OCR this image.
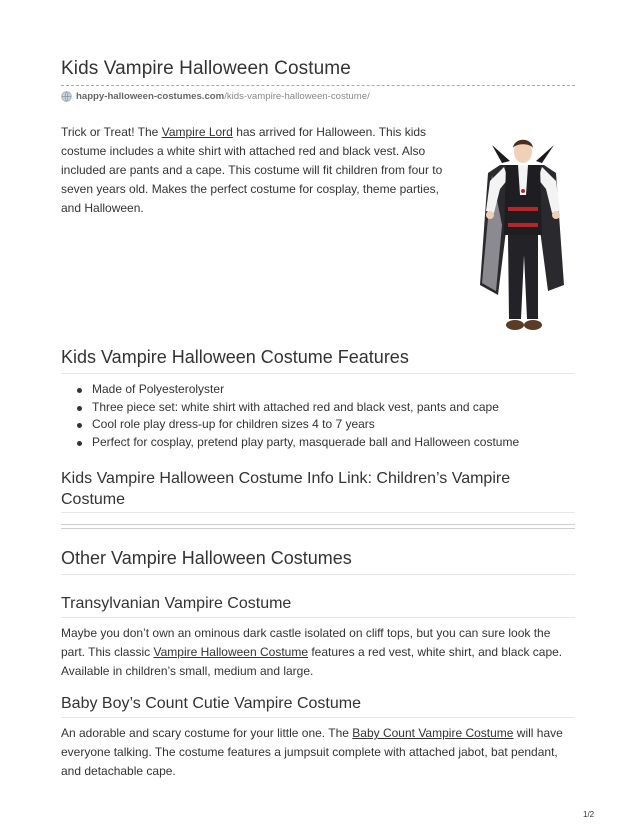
Kids Vampire Halloween Costume
happy-halloween-costumes.com /kids-vampire-halloween-costume/
Trick or Treat! The Vampire Lord has arrived for Halloween. This kids costume includes a white shirt with attached red and black vest. Also included are pants and a cape. This costume will fit children from four to seven years old. Makes the perfect costume for cosplay, theme parties, and Halloween.
Kids Vampire Halloween Costume Features
Made of Polyesterolyster
Three piece set: white shirt with attached red and black vest, pants and cape
Cool role play dress-up for children sizes 4 to 7 years
Perfect for cosplay, pretend play party, masquerade ball and Halloween costume
Kids Vampire Halloween Costume Info Link: Children’s Vampire Costume
Other Vampire Halloween Costumes
Transylvanian Vampire Costume
Maybe you don’t own an ominous dark castle isolated on cliff tops, but you can sure look the part. This classic Vampire Halloween Costume features a red vest, white shirt, and black cape. Available in children’s small, medium and large.
Baby Boy’s Count Cutie Vampire Costume
An adorable and scary costume for your little one. The Baby Count Vampire Costume will have everyone talking. The costume features a jumpsuit complete with attached jabot, bat pendant, and detachable cape.
1/2
